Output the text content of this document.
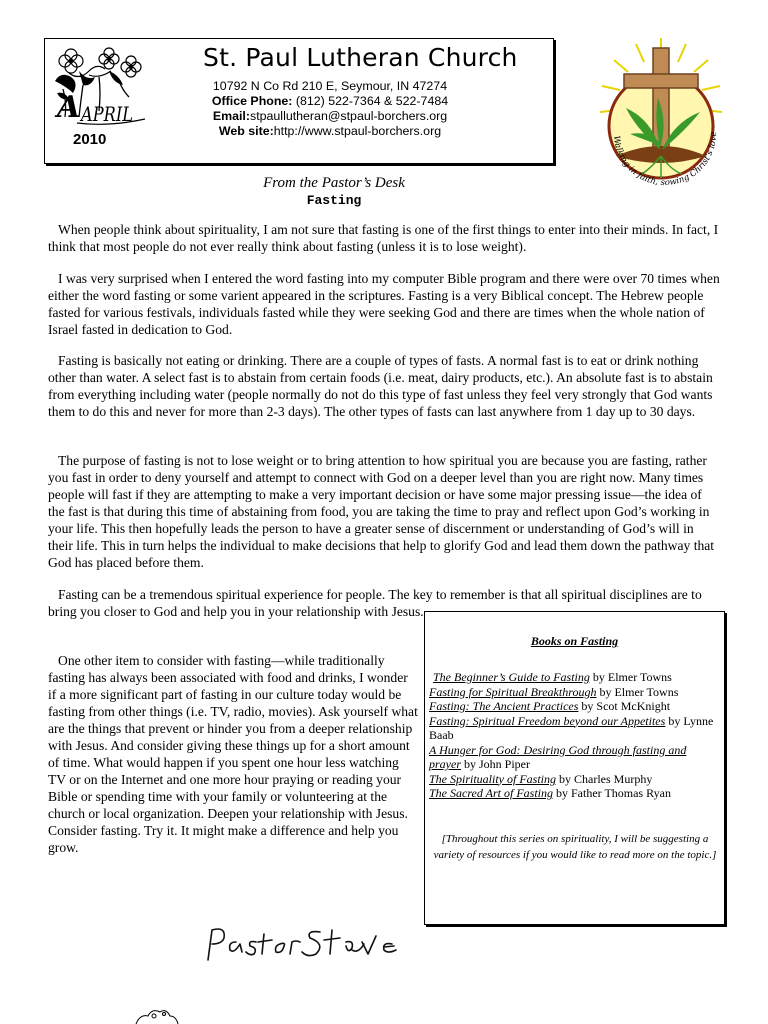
A APRIL
2010
St. Paul Lutheran Church
10792 N Co Rd 210 E, Seymour, IN 47274
Office Phone: (812) 522-7364 & 522-7484
Email:stpaullutheran@stpaul-borchers.org
Web site:http://www.stpaul-borchers.org
Walking in faith, sowing Christ's love
From the Pastor’s Desk
Fasting

When people think about spirituality, I am not sure that fasting is one of the first things to enter into their minds. In fact, I think that most people do not ever really think about fasting (unless it is to lose weight).

I was very surprised when I entered the word fasting into my computer Bible program and there were over 70 times when either the word fasting or some varient appeared in the scriptures. Fasting is a very Biblical concept. The Hebrew people fasted for various festivals, individuals fasted while they were seeking God and there are times when the whole nation of Israel fasted in dedication to God.

Fasting is basically not eating or drinking. There are a couple of types of fasts. A normal fast is to eat or drink nothing other than water. A select fast is to abstain from certain foods (i.e. meat, dairy products, etc.). An absolute fast is to abstain from everything including water (people normally do not do this type of fast unless they feel very strongly that God wants them to do this and never for more than 2-3 days). The other types of fasts can last anywhere from 1 day up to 30 days.

The purpose of fasting is not to lose weight or to bring attention to how spiritual you are because you are fasting, rather you fast in order to deny yourself and attempt to connect with God on a deeper level than you are right now. Many times people will fast if they are attempting to make a very important decision or have some major pressing issue—the idea of the fast is that during this time of abstaining from food, you are taking the time to pray and reflect upon God’s working in your life. This then hopefully leads the person to have a greater sense of discernment or understanding of God’s will in their life. This in turn helps the individual to make decisions that help to glorify God and lead them down the pathway that God has placed before them.

Fasting can be a tremendous spiritual experience for people. The key to remember is that all spiritual disciplines are to bring you closer to God and help you in your relationship with Jesus.

One other item to consider with fasting—while traditionally fasting has always been associated with food and drinks, I wonder if a more significant part of fasting in our culture today would be fasting from other things (i.e. TV, radio, movies). Ask yourself what are the things that prevent or hinder you from a deeper relationship with Jesus. And consider giving these things up for a short amount of time. What would happen if you spent one hour less watching TV or on the Internet and one more hour praying or reading your Bible or spending time with your family or volunteering at the church or local organization. Deepen your relationship with Jesus. Consider fasting. Try it. It might make a difference and help you grow.

Books on Fasting
The Beginner’s Guide to Fasting by Elmer Towns
Fasting for Spiritual Breakthrough by Elmer Towns
Fasting: The Ancient Practices by Scot McKnight
Fasting: Spiritual Freedom beyond our Appetites by Lynne Baab
A Hunger for God: Desiring God through fasting and prayer by John Piper
The Spirituality of Fasting by Charles Murphy
The Sacred Art of Fasting by Father Thomas Ryan
[Throughout this series on spirituality, I will be suggesting a variety of resources if you would like to read more on the topic.]
